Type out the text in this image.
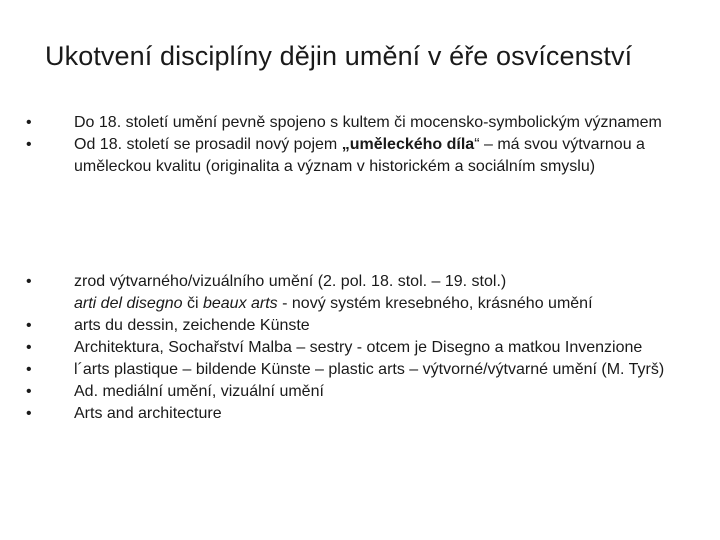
Ukotvení disciplíny dějin umění v éře osvícenství
•	Do 18. století umění pevně spojeno s kultem či mocensko-symbolickým významem
•	Od 18. století se prosadil nový pojem „uměleckého díla“ – má svou výtvarnou a uměleckou kvalitu (originalita a význam v historickém a sociálním smyslu)
•	zrod výtvarného/vizuálního umění (2. pol. 18. stol. – 19. stol.)
arti del disegno či beaux arts - nový systém kresebného, krásného umění
•	arts du dessin, zeichende Künste
•	Architektura, Sochařství Malba – sestry - otcem je Disegno a matkou Invenzione
•	l´arts plastique – bildende Künste – plastic arts – výtvorné/výtvarné umění (M. Tyrš)
•	Ad. mediální umění, vizuální umění
•	Arts and architecture
